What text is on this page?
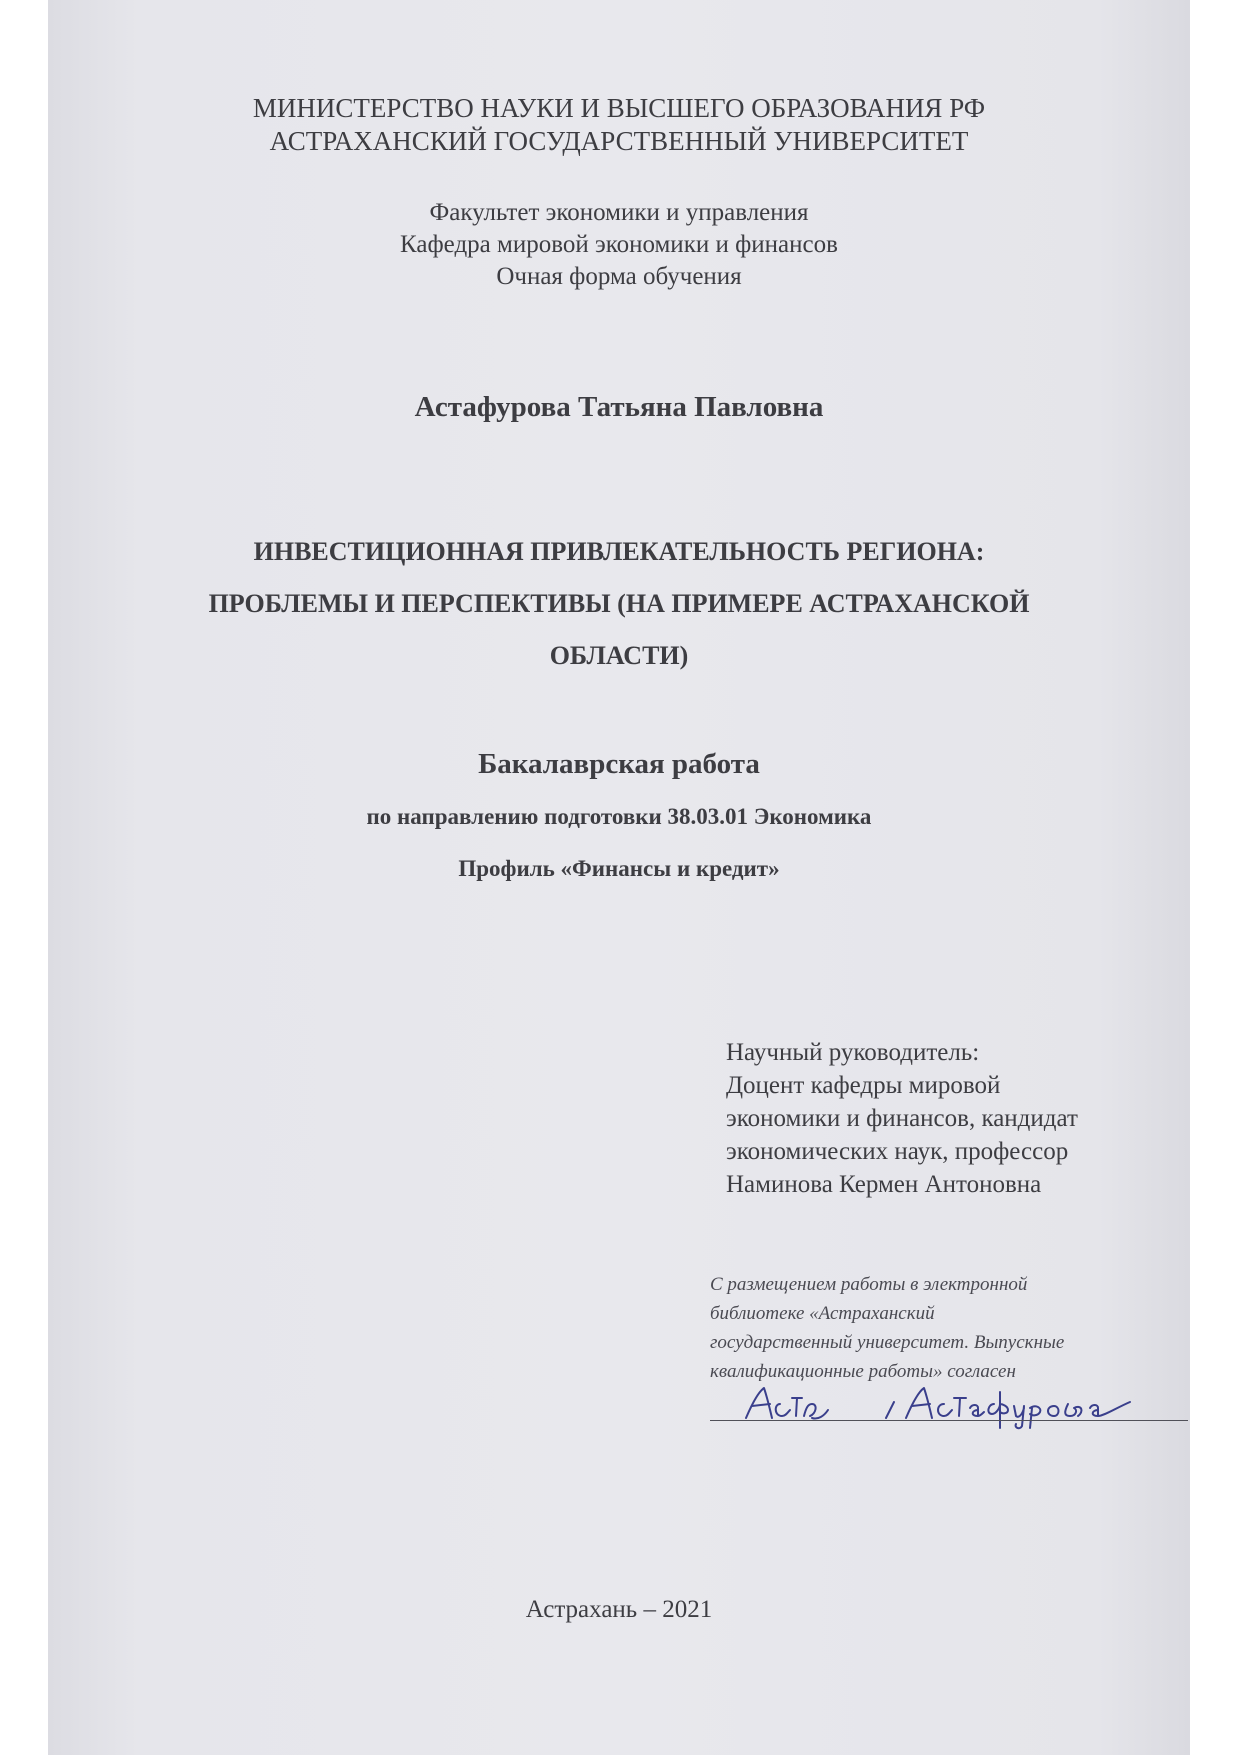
МИНИСТЕРСТВО НАУКИ И ВЫСШЕГО ОБРАЗОВАНИЯ РФ
АСТРАХАНСКИЙ ГОСУДАРСТВЕННЫЙ УНИВЕРСИТЕТ
Факультет экономики и управления
Кафедра мировой экономики и финансов
Очная форма обучения
Астафурова Татьяна Павловна
ИНВЕСТИЦИОННАЯ ПРИВЛЕКАТЕЛЬНОСТЬ РЕГИОНА:
ПРОБЛЕМЫ И ПЕРСПЕКТИВЫ (НА ПРИМЕРЕ АСТРАХАНСКОЙ
ОБЛАСТИ)
Бакалаврская работа
по направлению подготовки 38.03.01 Экономика
Профиль «Финансы и кредит»
Научный руководитель:
Доцент кафедры мировой
экономики и финансов, кандидат
экономических наук, профессор
Наминова Кермен Антоновна
С размещением работы в электронной
библиотеке «Астраханский
государственный университет. Выпускные
квалификационные работы» согласен
Астрахань – 2021
